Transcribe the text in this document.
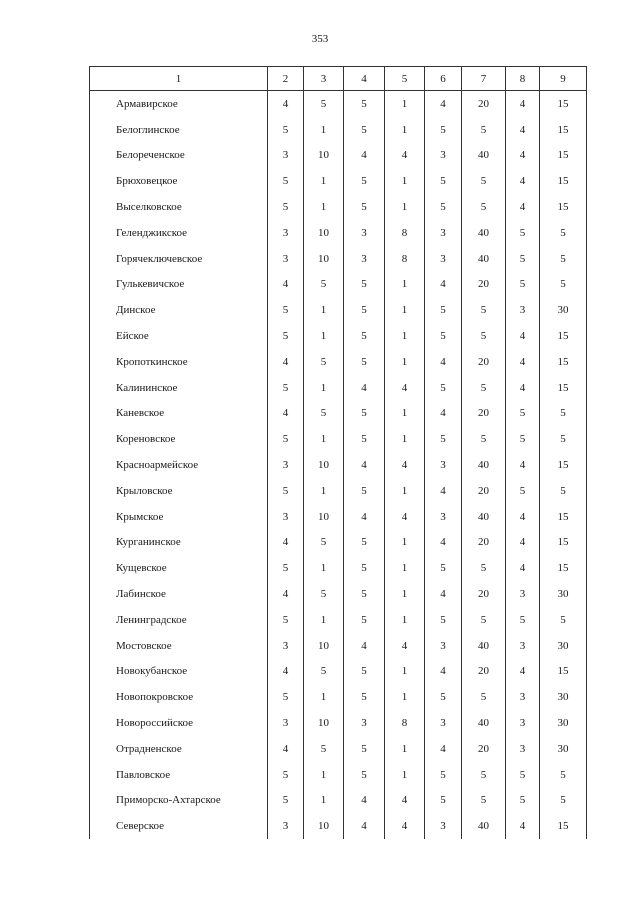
353
1	2	3	4	5	6	7	8	9
Армавирское	4	5	5	1	4	20	4	15
Белоглинское	5	1	5	1	5	5	4	15
Белореченское	3	10	4	4	3	40	4	15
Брюховецкое	5	1	5	1	5	5	4	15
Выселковское	5	1	5	1	5	5	4	15
Геленджикское	3	10	3	8	3	40	5	5
Горячеключевское	3	10	3	8	3	40	5	5
Гулькевичское	4	5	5	1	4	20	5	5
Динское	5	1	5	1	5	5	3	30
Ейское	5	1	5	1	5	5	4	15
Кропоткинское	4	5	5	1	4	20	4	15
Калининское	5	1	4	4	5	5	4	15
Каневское	4	5	5	1	4	20	5	5
Кореновское	5	1	5	1	5	5	5	5
Красноармейское	3	10	4	4	3	40	4	15
Крыловское	5	1	5	1	4	20	5	5
Крымское	3	10	4	4	3	40	4	15
Курганинское	4	5	5	1	4	20	4	15
Кущевское	5	1	5	1	5	5	4	15
Лабинское	4	5	5	1	4	20	3	30
Ленинградское	5	1	5	1	5	5	5	5
Мостовское	3	10	4	4	3	40	3	30
Новокубанское	4	5	5	1	4	20	4	15
Новопокровское	5	1	5	1	5	5	3	30
Новороссийское	3	10	3	8	3	40	3	30
Отрадненское	4	5	5	1	4	20	3	30
Павловское	5	1	5	1	5	5	5	5
Приморско-Ахтарское	5	1	4	4	5	5	5	5
Северское	3	10	4	4	3	40	4	15
